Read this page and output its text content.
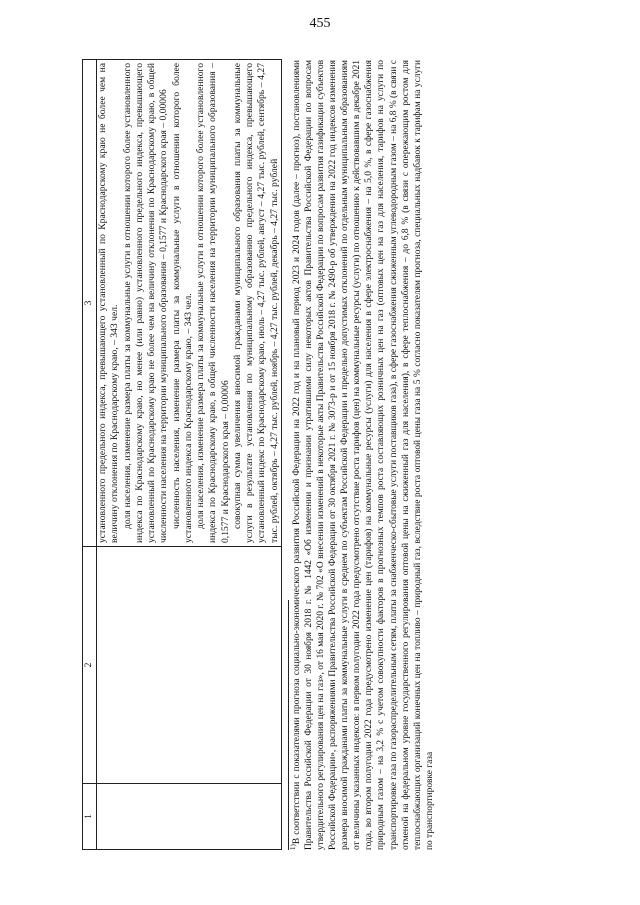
455
1	2	3

		установленного предельного индекса, превышающего установленный по Краснодарскому краю не более чем на величину отклонения по Краснодарскому краю, – 343 чел. доля населения, изменение размера платы за коммунальные услуги в отношении которого более установленного индекса по Краснодарскому краю, но менее (или равно) установленного предельного индекса, превышающего установленный по Краснодарскому краю не более чем на величину отклонения по Краснодарскому краю, в общей численности населения на территории муниципального образования – 0,1577 и Краснодарского края – 0,00006 численность населения, изменение размера платы за коммунальные услуги в отношении которого более установленного индекса по Краснодарскому краю, – 343 чел. доля населения, изменение размера платы за коммунальные услуги в отношении которого более установленного индекса по Краснодарскому краю, в общей численности населения на территории муниципального образования – 0,1577 и Краснодарского края – 0,00006 совокупная сумма увеличения вносимой гражданами муниципального образования платы за коммунальные услуги в результате установления по муниципальному образованию предельного индекса, превышающего установленный индекс по Краснодарскому краю, июль – 4,27 тыс. рублей, август – 4,27 тыс. рублей, сентябрь – 4,27 тыс. рублей, октябрь – 4,27 тыс. рублей, ноябрь – 4,27 тыс. рублей, декабрь – 4,27 тыс. рублей

$^{1)}$В соответствии с показателями прогноза социально-экономического развития Российской Федерации на 2022 год и на плановый период 2023 и 2024 годов (далее – прогноз), постановлениями Правительства Российской Федерации от 30 ноября 2018 г. № 1442 «Об изменении и признании утратившими силу некоторых актов Правительства Российской Федерации по вопросам утвердительного регулирования цен на газ», от 16 мая 2020 г. № 702 «О внесении изменений в некоторые акты Правительства Российской Федерации по вопросам развития газификации субъектов Российской Федерации», распоряжениями Правительства Российской Федерации от 30 октября 2021 г. № 3073-р и от 15 ноября 2018 г. № 2490-р об утверждении на 2022 год индексов изменения размера вносимой гражданами платы за коммунальные услуги в среднем по субъектам Российской Федерации и предельно допустимых отклонений по отдельным муниципальным образованиям от величины указанных индексов: в первом полугодии 2022 года предусмотрено отсутствие роста тарифов (цен) на коммунальные ресурсы (услуги) по отношению к действовавшим в декабре 2021 года, во втором полугодии 2022 года предусмотрено изменение цен (тарифов) на коммунальные ресурсы (услуги) для населения в сфере электроснабжения – на 5,0 %, в сфере газоснабжения природным газом – на 3,2 % с учетом совокупности факторов в прогнозных темпов роста составляющих розничных цен на газ (оптовых цен на газ для населения, тарифов на услуги по транспортировке газа по газораспределительным сетям, платы за снабженческо-сбытовые услуги поставщиков газа), в сфере газоснабжения сжиженным углеводородным газом – на 6,8 % (в связи с отменой на федеральном уровне государственного регулирования оптовой цены на сжиженный газ для населения), в сфере теплоснабжения – до 6,8 % (в связи с опережающим ростом для теплоснабжающих организаций конечных цен на топливо – природный газ, вследствие роста оптовой цены газа на 5 % согласно показателям прогноза, специальных надбавок к тарифам на услуги по транспортировке газа
